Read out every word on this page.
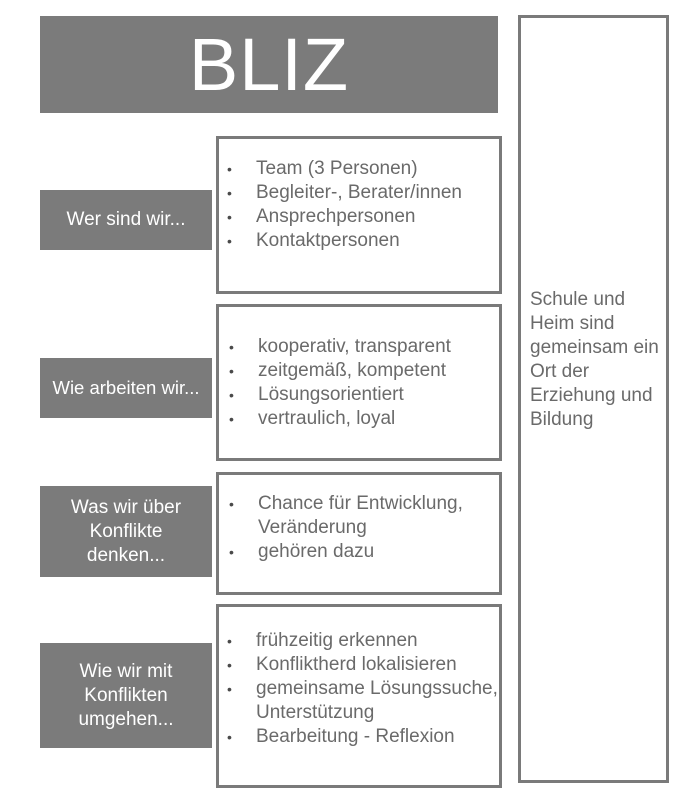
BLIZ
Schule und Heim sind gemeinsam ein Ort der Erziehung und Bildung
Wer sind wir...
• Team (3 Personen)
• Begleiter-, Berater/innen
• Ansprechpersonen
• Kontaktpersonen
Wie arbeiten wir...
• kooperativ, transparent
• zeitgemäß, kompetent
• Lösungsorientiert
• vertraulich, loyal
Was wir über Konflikte denken...
• Chance für Entwicklung, Veränderung
• gehören dazu
Wie wir mit Konflikten umgehen...
• frühzeitig erkennen
• Konfliktherd lokalisieren
• gemeinsame Lösungssuche, Unterstützung
• Bearbeitung - Reflexion
